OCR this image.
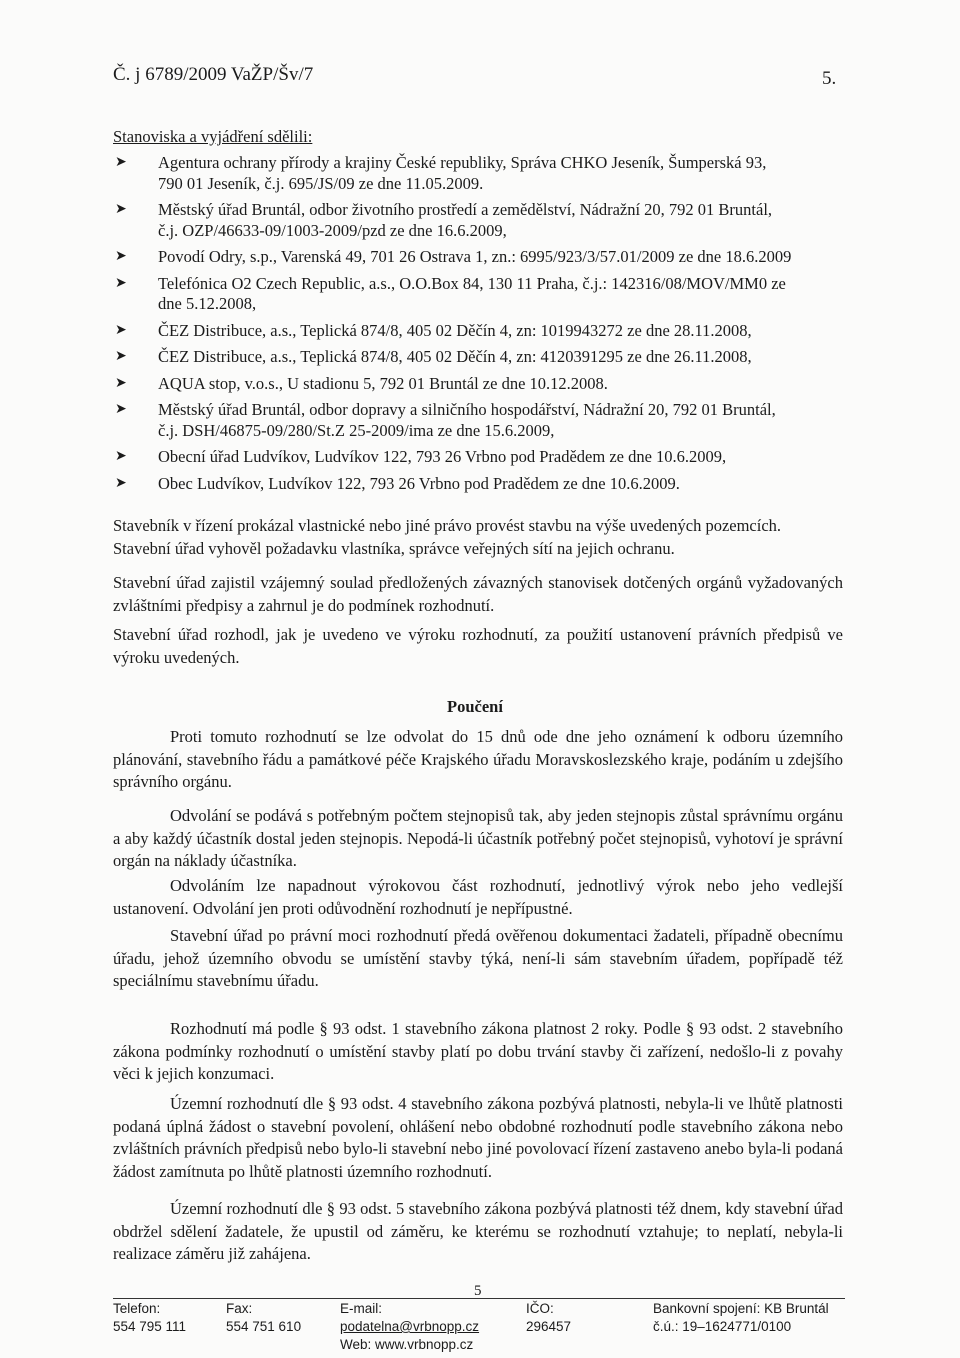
Č. j 6789/2009 VaŽP/Šv/7	5.
Stanoviska a vyjádření sdělili:
➤ Agentura ochrany přírody a krajiny České republiky, Správa CHKO Jeseník, Šumperská 93,
790 01 Jeseník, č.j. 695/JS/09 ze dne 11.05.2009.
➤ Městský úřad Bruntál, odbor životního prostředí a zemědělství, Nádražní 20, 792 01 Bruntál,
č.j. OZP/46633-09/1003-2009/pzd ze dne 16.6.2009,
➤ Povodí Odry, s.p., Varenská 49, 701 26 Ostrava 1, zn.: 6995/923/3/57.01/2009 ze dne 18.6.2009
➤ Telefónica O2 Czech Republic, a.s., O.O.Box 84, 130 11 Praha, č.j.: 142316/08/MOV/MM0 ze
dne 5.12.2008,
➤ ČEZ Distribuce, a.s., Teplická 874/8, 405 02 Děčín 4, zn: 1019943272 ze dne 28.11.2008,
➤ ČEZ Distribuce, a.s., Teplická 874/8, 405 02 Děčín 4, zn: 4120391295 ze dne 26.11.2008,
➤ AQUA stop, v.o.s., U stadionu 5, 792 01 Bruntál ze dne 10.12.2008.
➤ Městský úřad Bruntál, odbor dopravy a silničního hospodářství, Nádražní 20, 792 01 Bruntál,
č.j. DSH/46875-09/280/St.Z 25-2009/ima ze dne 15.6.2009,
➤ Obecní úřad Ludvíkov, Ludvíkov 122, 793 26 Vrbno pod Pradědem ze dne 10.6.2009,
➤ Obec Ludvíkov, Ludvíkov 122, 793 26 Vrbno pod Pradědem ze dne 10.6.2009.
Stavebník v řízení prokázal vlastnické nebo jiné právo provést stavbu na výše uvedených pozemcích.
Stavební úřad vyhověl požadavku vlastníka, správce veřejných sítí na jejich ochranu.
Stavební úřad zajistil vzájemný soulad předložených závazných stanovisek dotčených orgánů vyžadovaných zvláštními předpisy a zahrnul je do podmínek rozhodnutí.
Stavební úřad rozhodl, jak je uvedeno ve výroku rozhodnutí, za použití ustanovení právních předpisů ve výroku uvedených.
Poučení
Proti tomuto rozhodnutí se lze odvolat do 15 dnů ode dne jeho oznámení k odboru územního plánování, stavebního řádu a památkové péče Krajského úřadu Moravskoslezského kraje, podáním u zdejšího správního orgánu.
Odvolání se podává s potřebným počtem stejnopisů tak, aby jeden stejnopis zůstal správnímu orgánu a aby každý účastník dostal jeden stejnopis. Nepodá-li účastník potřebný počet stejnopisů, vyhotoví je správní orgán na náklady účastníka.
Odvoláním lze napadnout výrokovou část rozhodnutí, jednotlivý výrok nebo jeho vedlejší ustanovení. Odvolání jen proti odůvodnění rozhodnutí je nepřípustné.
Stavební úřad po právní moci rozhodnutí předá ověřenou dokumentaci žadateli, případně obecnímu úřadu, jehož územního obvodu se umístění stavby týká, není-li sám stavebním úřadem, popřípadě též speciálnímu stavebnímu úřadu.
Rozhodnutí má podle § 93 odst. 1 stavebního zákona platnost 2 roky. Podle § 93 odst. 2 stavebního zákona podmínky rozhodnutí o umístění stavby platí po dobu trvání stavby či zařízení, nedošlo-li z povahy věci k jejich konzumaci.
Územní rozhodnutí dle § 93 odst. 4 stavebního zákona pozbývá platnosti, nebyla-li ve lhůtě platnosti podaná úplná žádost o stavební povolení, ohlášení nebo obdobné rozhodnutí podle stavebního zákona nebo zvláštních právních předpisů nebo bylo-li stavební nebo jiné povolovací řízení zastaveno anebo byla-li podaná žádost zamítnuta po lhůtě platnosti územního rozhodnutí.
Územní rozhodnutí dle § 93 odst. 5 stavebního zákona pozbývá platnosti též dnem, kdy stavební úřad obdržel sdělení žadatele, že upustil od záměru, ke kterému se rozhodnutí vztahuje; to neplatí, nebyla-li realizace záměru již zahájena.
5
Telefon:
554 795 111
Fax:
554 751 610
E-mail:
podatelna@vrbnopp.cz
Web: www.vrbnopp.cz
IČO:
296457
Bankovní spojení: KB Bruntál
č.ú.: 19–1624771/0100
